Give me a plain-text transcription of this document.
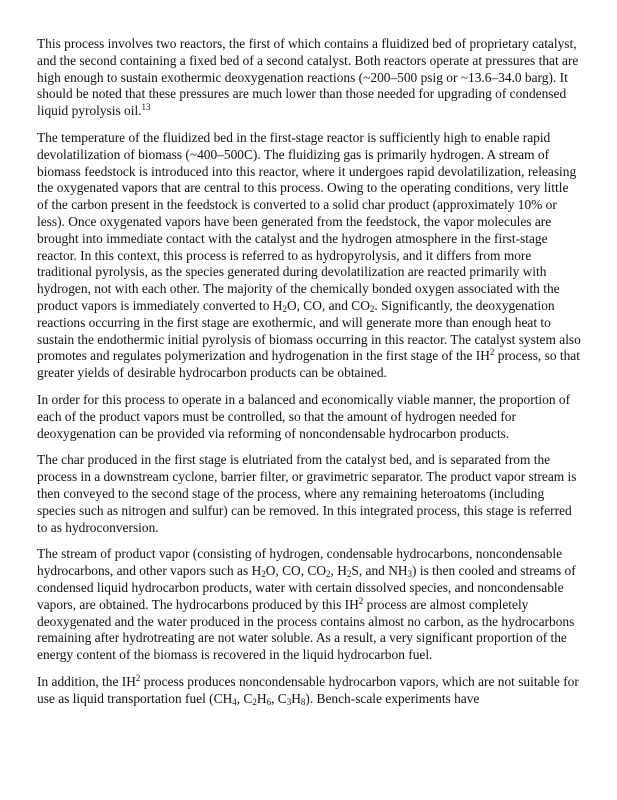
This process involves two reactors, the first of which contains a fluidized bed of proprietary catalyst, and the second containing a fixed bed of a second catalyst. Both reactors operate at pressures that are high enough to sustain exothermic deoxygenation reactions (~200–500 psig or ~13.6–34.0 barg). It should be noted that these pressures are much lower than those needed for upgrading of condensed liquid pyrolysis oil.$^{13}$

The temperature of the fluidized bed in the first-stage reactor is sufficiently high to enable rapid devolatilization of biomass (~400–500C). The fluidizing gas is primarily hydrogen. A stream of biomass feedstock is introduced into this reactor, where it undergoes rapid devolatilization, releasing the oxygenated vapors that are central to this process. Owing to the operating conditions, very little of the carbon present in the feedstock is converted to a solid char product (approximately 10% or less). Once oxygenated vapors have been generated from the feedstock, the vapor molecules are brought into immediate contact with the catalyst and the hydrogen atmosphere in the first-stage reactor. In this context, this process is referred to as hydropyrolysis, and it differs from more traditional pyrolysis, as the species generated during devolatilization are reacted primarily with hydrogen, not with each other. The majority of the chemically bonded oxygen associated with the product vapors is immediately converted to $H_2O$, CO, and $CO_2$. Significantly, the deoxygenation reactions occurring in the first stage are exothermic, and will generate more than enough heat to sustain the endothermic initial pyrolysis of biomass occurring in this reactor. The catalyst system also promotes and regulates polymerization and hydrogenation in the first stage of the $IH^2$ process, so that greater yields of desirable hydrocarbon products can be obtained.

In order for this process to operate in a balanced and economically viable manner, the proportion of each of the product vapors must be controlled, so that the amount of hydrogen needed for deoxygenation can be provided via reforming of noncondensable hydrocarbon products.

The char produced in the first stage is elutriated from the catalyst bed, and is separated from the process in a downstream cyclone, barrier filter, or gravimetric separator. The product vapor stream is then conveyed to the second stage of the process, where any remaining heteroatoms (including species such as nitrogen and sulfur) can be removed. In this integrated process, this stage is referred to as hydroconversion.

The stream of product vapor (consisting of hydrogen, condensable hydrocarbons, noncondensable hydrocarbons, and other vapors such as $H_2O$, CO, $CO_2$, $H_2S$, and $NH_3$) is then cooled and streams of condensed liquid hydrocarbon products, water with certain dissolved species, and noncondensable vapors, are obtained. The hydrocarbons produced by this $IH^2$ process are almost completely deoxygenated and the water produced in the process contains almost no carbon, as the hydrocarbons remaining after hydrotreating are not water soluble. As a result, a very significant proportion of the energy content of the biomass is recovered in the liquid hydrocarbon fuel.

In addition, the $IH^2$ process produces noncondensable hydrocarbon vapors, which are not suitable for use as liquid transportation fuel ($CH_4$, $C_2H_6$, $C_3H_8$). Bench-scale experiments have
